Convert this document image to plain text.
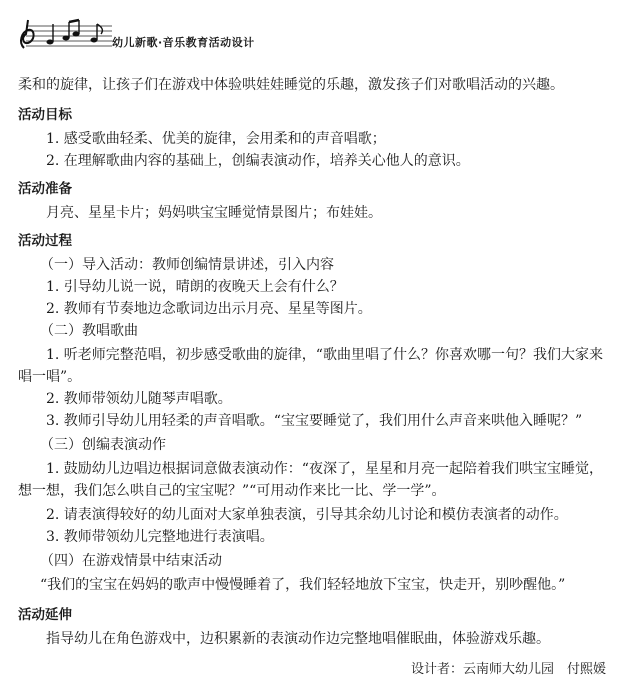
幼儿新歌·音乐教育活动设计
柔和的旋律，让孩子们在游戏中体验哄娃娃睡觉的乐趣，激发孩子们对歌唱活动的兴趣。
活动目标
1. 感受歌曲轻柔、优美的旋律，会用柔和的声音唱歌；
2. 在理解歌曲内容的基础上，创编表演动作，培养关心他人的意识。
活动准备
月亮、星星卡片；妈妈哄宝宝睡觉情景图片；布娃娃。
活动过程
（一）导入活动：教师创编情景讲述，引入内容
1. 引导幼儿说一说，晴朗的夜晚天上会有什么？
2. 教师有节奏地边念歌词边出示月亮、星星等图片。
（二）教唱歌曲
1. 听老师完整范唱，初步感受歌曲的旋律，“歌曲里唱了什么？你喜欢哪一句？我们大家来
唱一唱”。
2. 教师带领幼儿随琴声唱歌。
3. 教师引导幼儿用轻柔的声音唱歌。“宝宝要睡觉了，我们用什么声音来哄他入睡呢？”
（三）创编表演动作
1. 鼓励幼儿边唱边根据词意做表演动作：“夜深了，星星和月亮一起陪着我们哄宝宝睡觉，
想一想，我们怎么哄自己的宝宝呢？”“可用动作来比一比、学一学”。
2. 请表演得较好的幼儿面对大家单独表演，引导其余幼儿讨论和模仿表演者的动作。
3. 教师带领幼儿完整地进行表演唱。
（四）在游戏情景中结束活动
“我们的宝宝在妈妈的歌声中慢慢睡着了，我们轻轻地放下宝宝，快走开，别吵醒他。”
活动延伸
指导幼儿在角色游戏中，边积累新的表演动作边完整地唱催眠曲，体验游戏乐趣。
设计者：云南师大幼儿园　付熙媛
